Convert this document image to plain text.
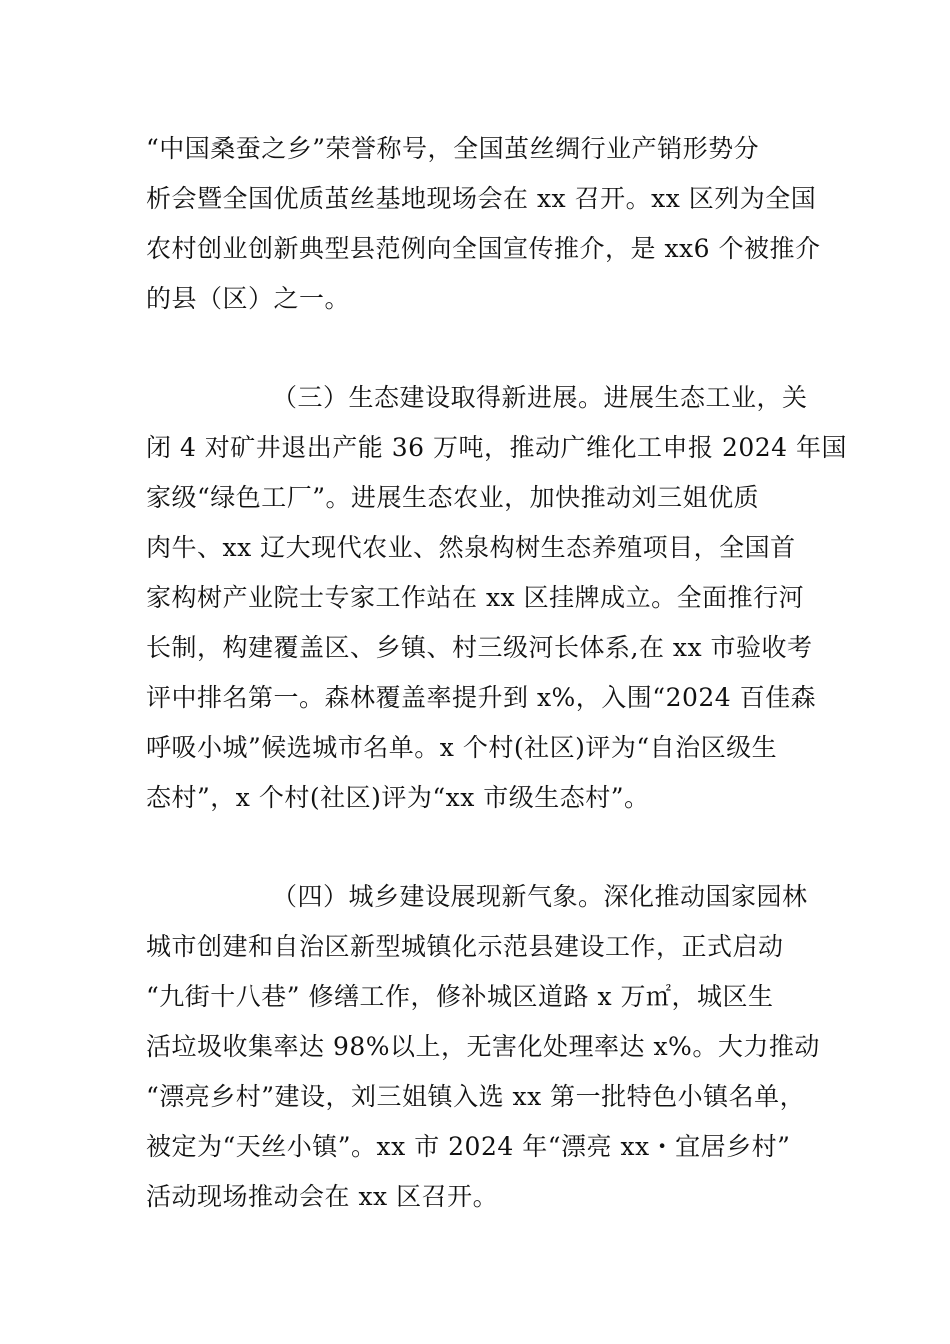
“中国桑蚕之乡”荣誉称号，全国茧丝绸行业产销形势分
析会暨全国优质茧丝基地现场会在 xx 召开。xx 区列为全国
农村创业创新典型县范例向全国宣传推介，是 xx6 个被推介
的县（区）之一。
（三）生态建设取得新进展。进展生态工业，关
闭 4 对矿井退出产能 36 万吨，推动广维化工申报 2024 年国
家级“绿色工厂”。进展生态农业，加快推动刘三姐优质
肉牛、xx 辽大现代农业、然泉构树生态养殖项目，全国首
家构树产业院士专家工作站在 xx 区挂牌成立。全面推行河
长制，构建覆盖区、乡镇、村三级河长体系,在 xx 市验收考
评中排名第一。森林覆盖率提升到 x%，入围“2024 百佳森
呼吸小城”候选城市名单。x 个村(社区)评为“自治区级生
态村”，x 个村(社区)评为“xx 市级生态村”。
（四）城乡建设展现新气象。深化推动国家园林
城市创建和自治区新型城镇化示范县建设工作，正式启动
“九街十八巷” 修缮工作，修补城区道路 x 万㎡，城区生
活垃圾收集率达 98%以上，无害化处理率达 x%。大力推动
“漂亮乡村”建设，刘三姐镇入选 xx 第一批特色小镇名单，
被定为“天丝小镇”。xx 市 2024 年“漂亮 xx・宜居乡村”
活动现场推动会在 xx 区召开。
